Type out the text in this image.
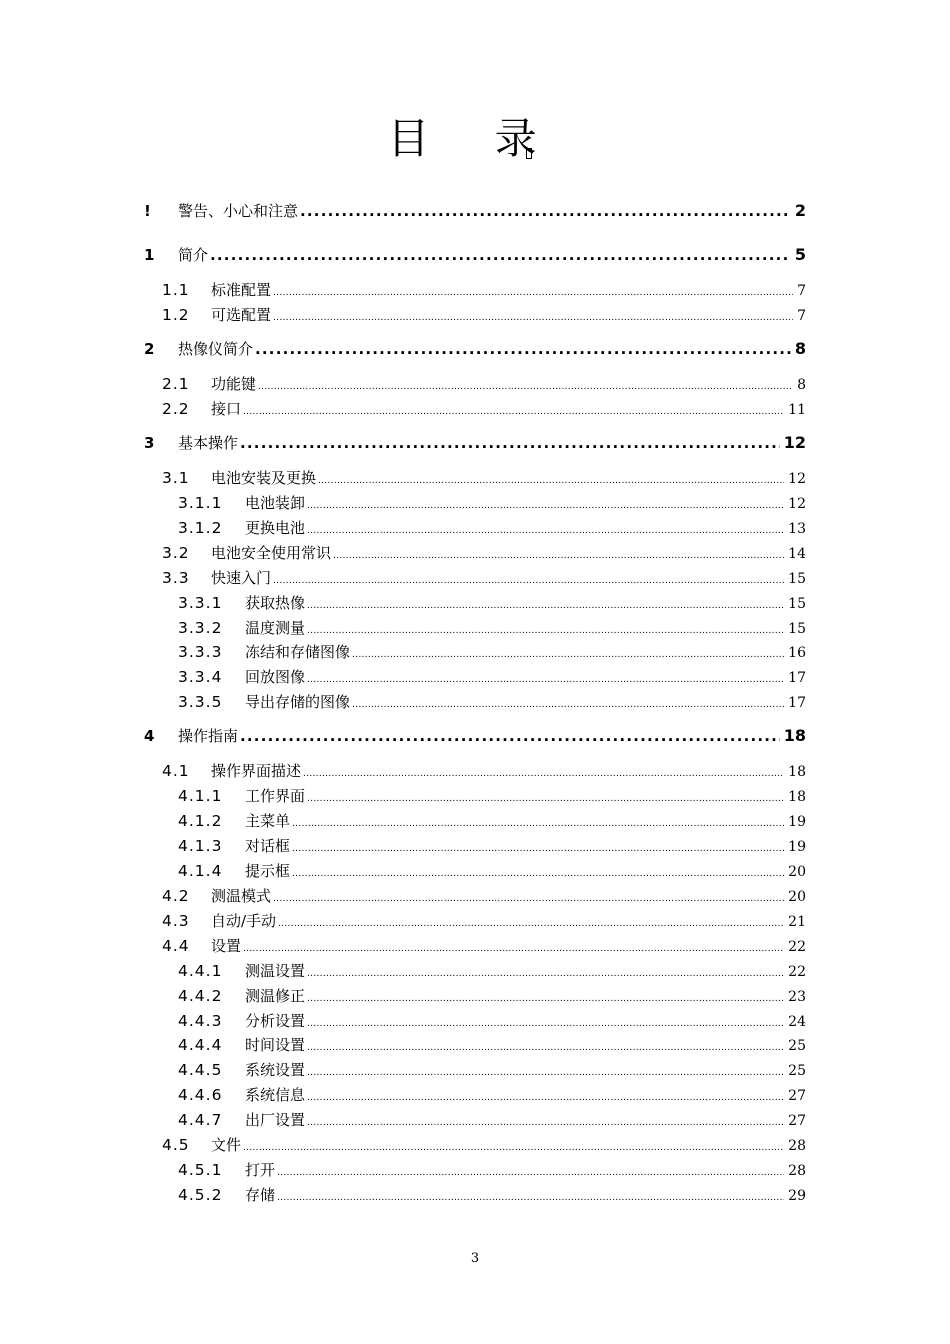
目 录
!	警告、小心和注意 .....	2
1	简介 .....	5
1.1	标准配置 .....	7
1.2	可选配置 .....	7
2	热像仪简介 .....	8
2.1	功能键 .....	8
2.2	接口 .....	11
3	基本操作 .....	12
3.1	电池安装及更换 .....	12
3.1.1	电池装卸 .....	12
3.1.2	更换电池 .....	13
3.2	电池安全使用常识 .....	14
3.3	快速入门 .....	15
3.3.1	获取热像 .....	15
3.3.2	温度测量 .....	15
3.3.3	冻结和存储图像 .....	16
3.3.4	回放图像 .....	17
3.3.5	导出存储的图像 .....	17
4	操作指南 .....	18
4.1	操作界面描述 .....	18
4.1.1	工作界面 .....	18
4.1.2	主菜单 .....	19
4.1.3	对话框 .....	19
4.1.4	提示框 .....	20
4.2	测温模式 .....	20
4.3	自动/手动 .....	21
4.4	设置 .....	22
4.4.1	测温设置 .....	22
4.4.2	测温修正 .....	23
4.4.3	分析设置 .....	24
4.4.4	时间设置 .....	25
4.4.5	系统设置 .....	25
4.4.6	系统信息 .....	27
4.4.7	出厂设置 .....	27
4.5	文件 .....	28
4.5.1	打开 .....	28
4.5.2	存储 .....	29
3
